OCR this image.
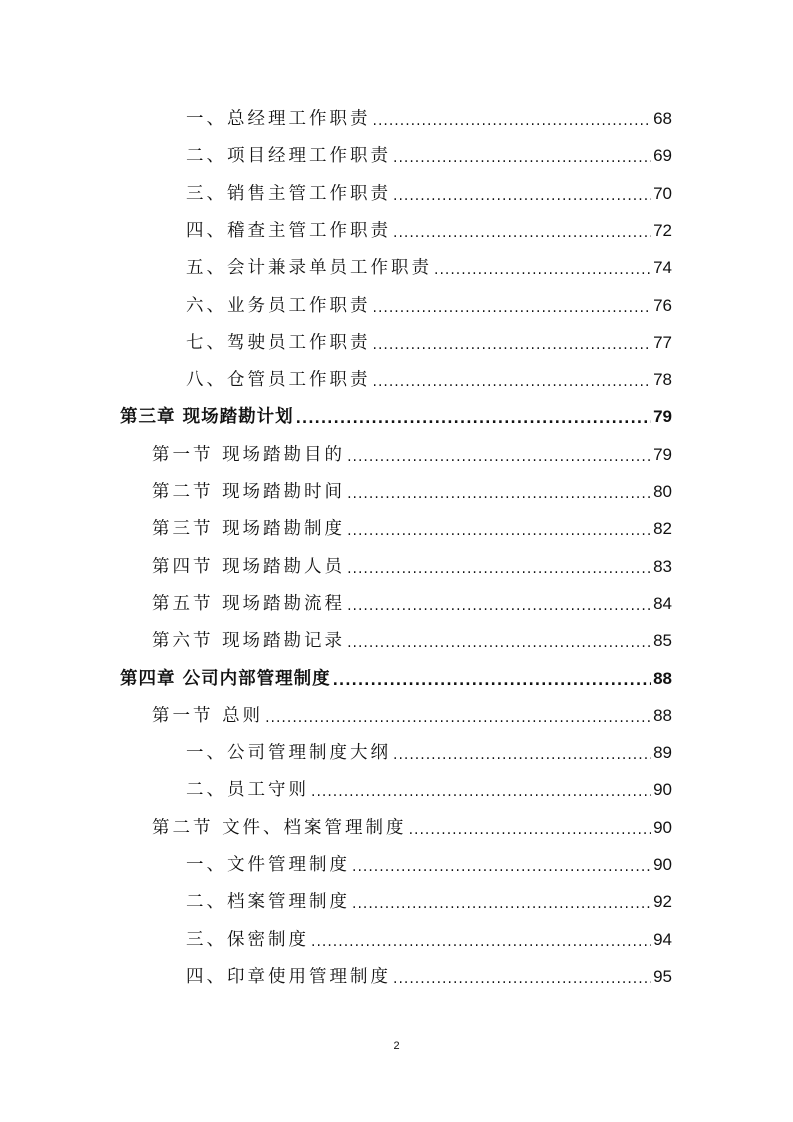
一、总经理工作职责 .....	68
二、项目经理工作职责 .....	69
三、销售主管工作职责 .....	70
四、稽查主管工作职责 .....	72
五、会计兼录单员工作职责 .....	74
六、业务员工作职责 .....	76
七、驾驶员工作职责 .....	77
八、仓管员工作职责 .....	78
第三章 现场踏勘计划 .....	79
第一节 现场踏勘目的 .....	79
第二节 现场踏勘时间 .....	80
第三节 现场踏勘制度 .....	82
第四节 现场踏勘人员 .....	83
第五节 现场踏勘流程 .....	84
第六节 现场踏勘记录 .....	85
第四章 公司内部管理制度 .....	88
第一节 总则 .....	88
一、公司管理制度大纲 .....	89
二、员工守则 .....	90
第二节 文件、档案管理制度 .....	90
一、文件管理制度 .....	90
二、档案管理制度 .....	92
三、保密制度 .....	94
四、印章使用管理制度 .....	95
2
